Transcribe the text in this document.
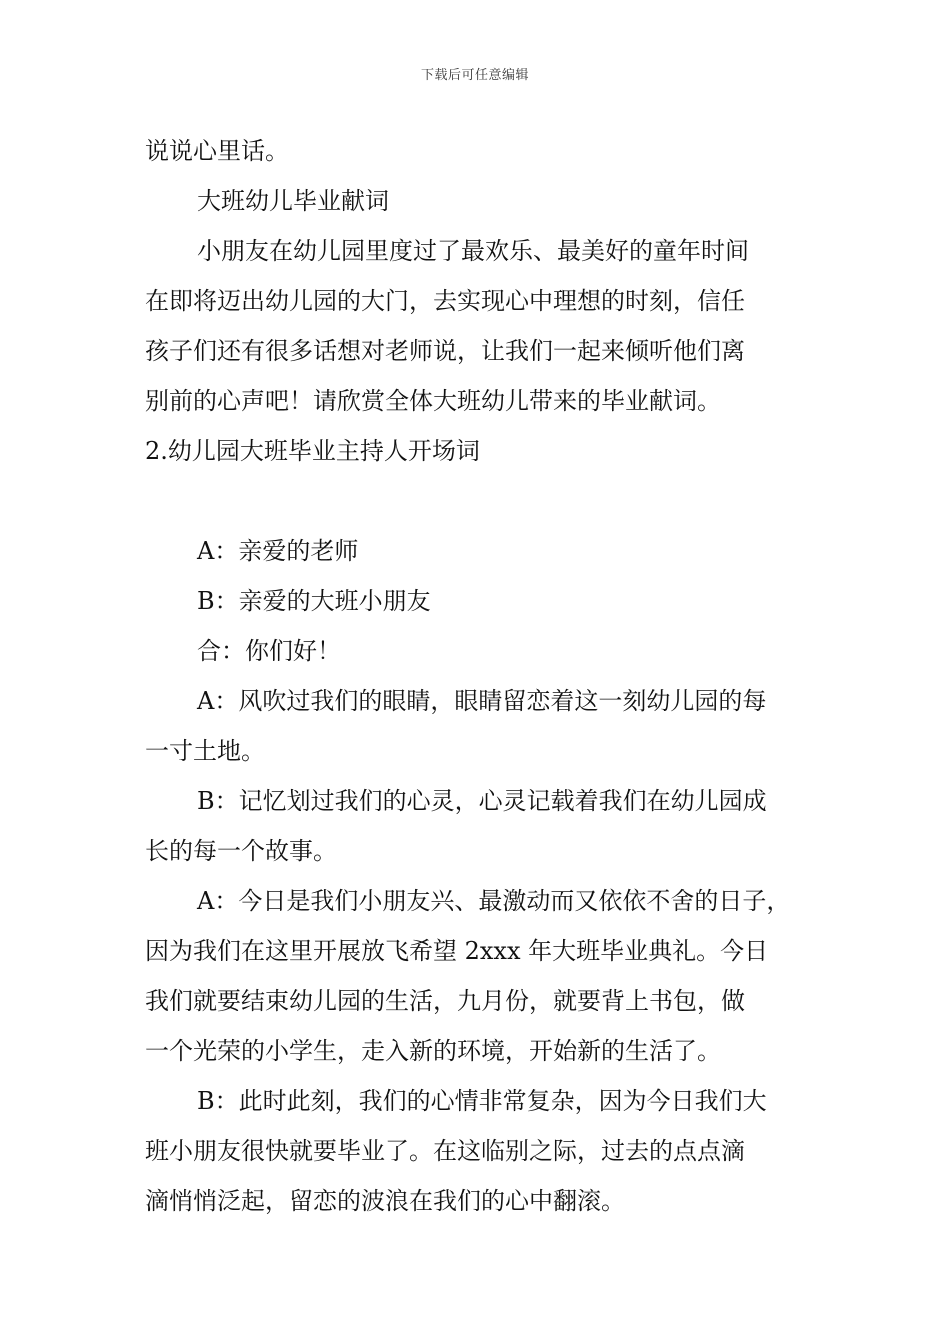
下载后可任意编辑
说说心里话。
大班幼儿毕业献词
小朋友在幼儿园里度过了最欢乐、最美好的童年时间
在即将迈出幼儿园的大门，去实现心中理想的时刻，信任
孩子们还有很多话想对老师说，让我们一起来倾听他们离
别前的心声吧！请欣赏全体大班幼儿带来的毕业献词。
2.幼儿园大班毕业主持人开场词
A：亲爱的老师
B：亲爱的大班小朋友
合：你们好！
A：风吹过我们的眼睛，眼睛留恋着这一刻幼儿园的每
一寸土地。
B：记忆划过我们的心灵，心灵记载着我们在幼儿园成
长的每一个故事。
A：今日是我们小朋友兴、最激动而又依依不舍的日子，
因为我们在这里开展放飞希望 2xxx 年大班毕业典礼。今日
我们就要结束幼儿园的生活，九月份，就要背上书包，做
一个光荣的小学生，走入新的环境，开始新的生活了。
B：此时此刻，我们的心情非常复杂，因为今日我们大
班小朋友很快就要毕业了。在这临别之际，过去的点点滴
滴悄悄泛起，留恋的波浪在我们的心中翻滚。
